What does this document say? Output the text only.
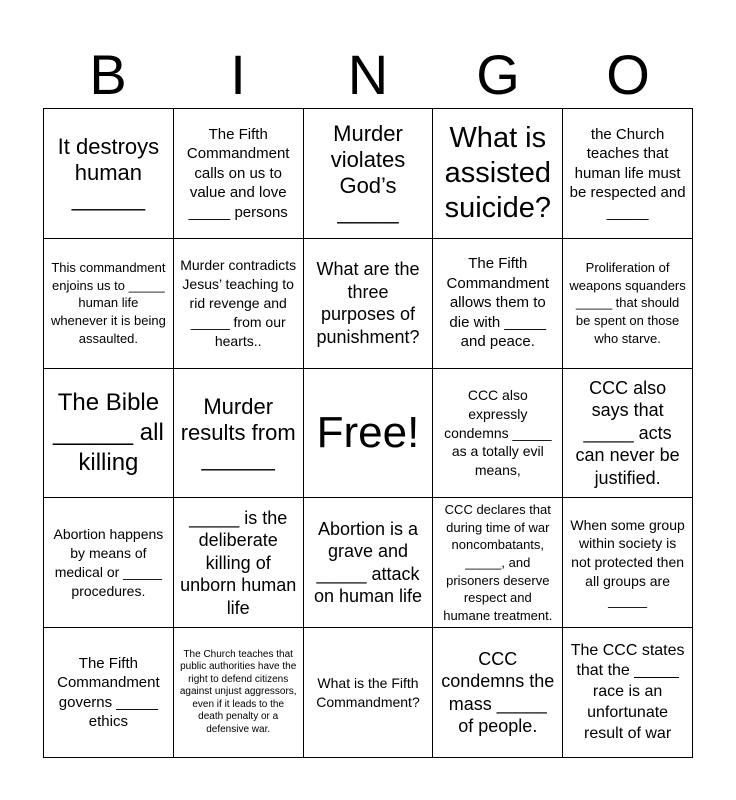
B	I	N	G	O
It destroys human ______
The Fifth Commandment calls on us to value and love _____ persons
Murder violates God’s _____
What is assisted suicide?
the Church teaches that human life must be respected and _____
This commandment enjoins us to _____ human life whenever it is being assaulted.
Murder contradicts Jesus’ teaching to rid revenge and _____ from our hearts..
What are the three purposes of punishment?
The Fifth Commandment allows them to die with _____ and peace.
Proliferation of weapons squanders _____ that should be spent on those who starve.
The Bible ______ all killing
Murder results from ______
Free!
CCC also expressly condemns _____ as a totally evil means,
CCC also says that _____ acts can never be justified.
Abortion happens by means of medical or _____ procedures.
_____ is the deliberate killing of unborn human life
Abortion is a grave and _____ attack on human life
CCC declares that during time of war noncombatants, _____, and prisoners deserve respect and humane treatment.
When some group within society is not protected then all groups are _____
The Fifth Commandment governs _____ ethics
The Church teaches that public authorities have the right to defend citizens against unjust aggressors, even if it leads to the death penalty or a defensive war.
What is the Fifth Commandment?
CCC condemns the mass _____ of people.
The CCC states that the _____ race is an unfortunate result of war
